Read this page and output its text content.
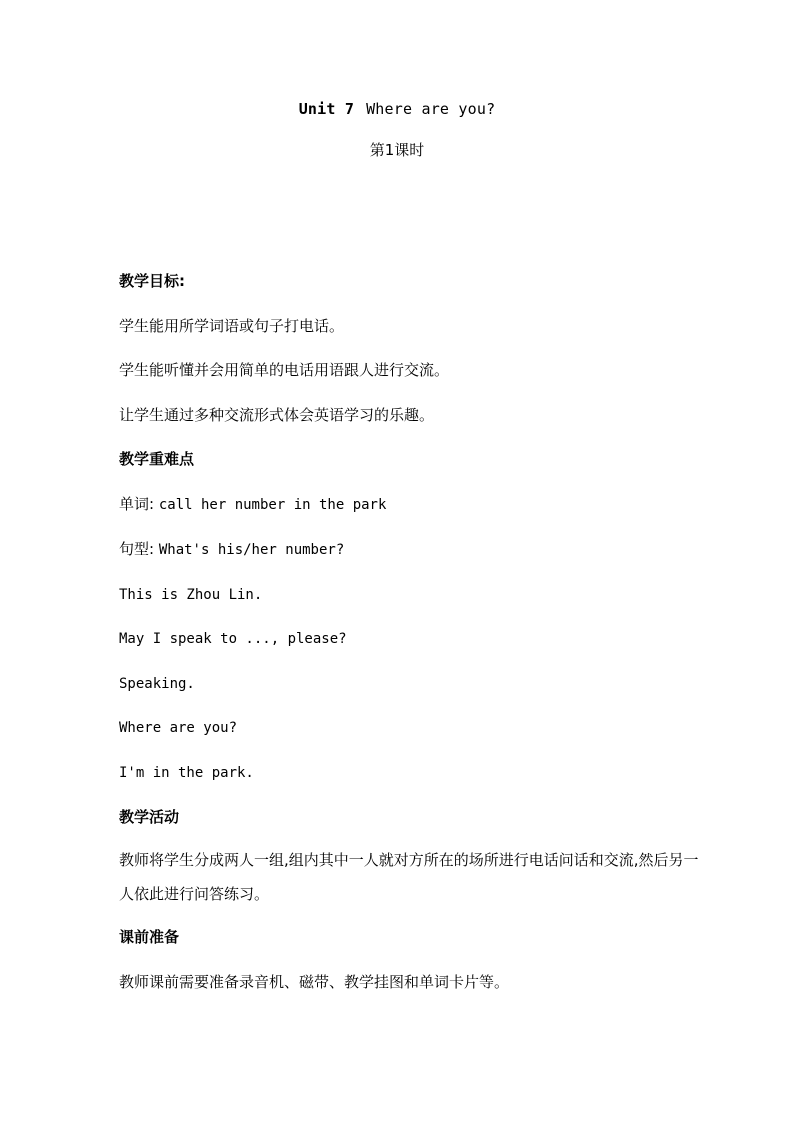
Unit 7 Where are you?
第1课时

教学目标:

学生能用所学词语或句子打电话。

学生能听懂并会用简单的电话用语跟人进行交流。

让学生通过多种交流形式体会英语学习的乐趣。

教学重难点

单词: call her number in the park

句型: What's his/her number?

This is Zhou Lin.

May I speak to ..., please?

Speaking.

Where are you?

I'm in the park.

教学活动

教师将学生分成两人一组,组内其中一人就对方所在的场所进行电话问话和交流,然后另一人依此进行问答练习。

课前准备

教师课前需要准备录音机、磁带、教学挂图和单词卡片等。
